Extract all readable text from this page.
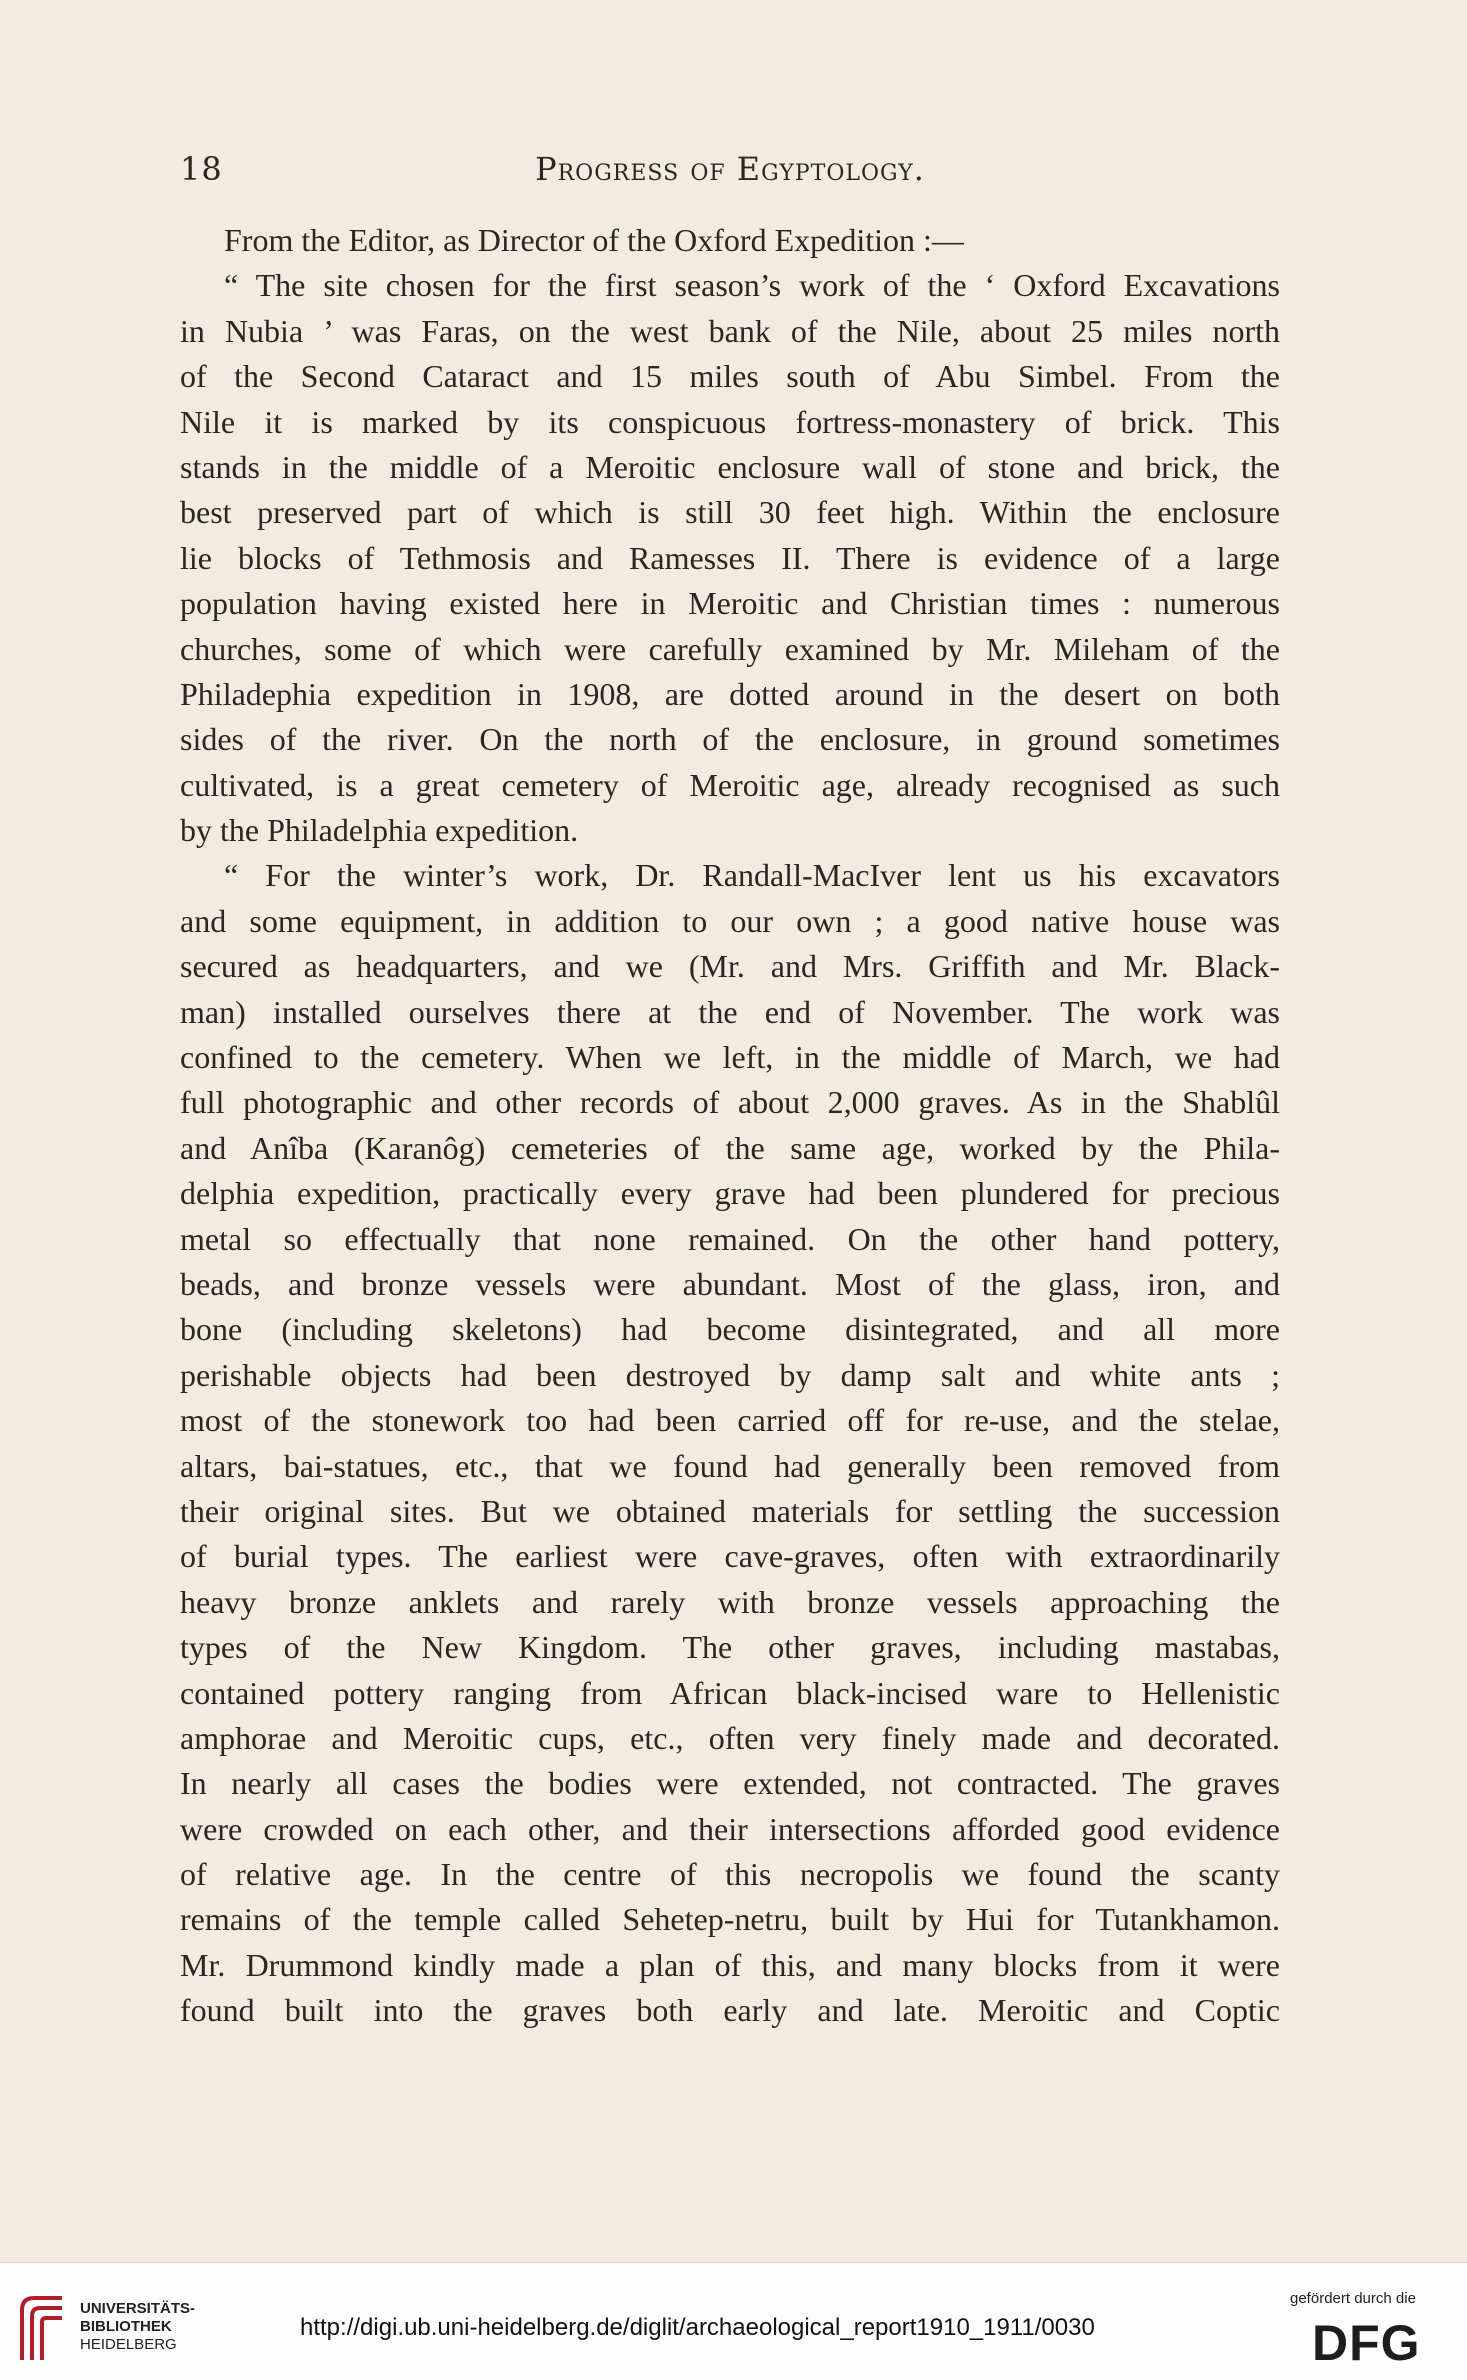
18	Progress of Egyptology.
From the Editor, as Director of the Oxford Expedition :—
“ The site chosen for the first season’s work of the ‘ Oxford Excavations
in Nubia ’ was Faras, on the west bank of the Nile, about 25 miles north
of the Second Cataract and 15 miles south of Abu Simbel. From the
Nile it is marked by its conspicuous fortress-monastery of brick. This
stands in the middle of a Meroitic enclosure wall of stone and brick, the
best preserved part of which is still 30 feet high. Within the enclosure
lie blocks of Tethmosis and Ramesses II. There is evidence of a large
population having existed here in Meroitic and Christian times : numerous
churches, some of which were carefully examined by Mr. Mileham of the
Philadephia expedition in 1908, are dotted around in the desert on both
sides of the river. On the north of the enclosure, in ground sometimes
cultivated, is a great cemetery of Meroitic age, already recognised as such
by the Philadelphia expedition.
“ For the winter’s work, Dr. Randall-MacIver lent us his excavators
and some equipment, in addition to our own ; a good native house was
secured as headquarters, and we (Mr. and Mrs. Griffith and Mr. Black-
man) installed ourselves there at the end of November. The work was
confined to the cemetery. When we left, in the middle of March, we had
full photographic and other records of about 2,000 graves. As in the Shablûl
and Anîba (Karanôg) cemeteries of the same age, worked by the Phila-
delphia expedition, practically every grave had been plundered for precious
metal so effectually that none remained. On the other hand pottery,
beads, and bronze vessels were abundant. Most of the glass, iron, and
bone (including skeletons) had become disintegrated, and all more
perishable objects had been destroyed by damp salt and white ants ;
most of the stonework too had been carried off for re-use, and the stelae,
altars, bai-statues, etc., that we found had generally been removed from
their original sites. But we obtained materials for settling the succession
of burial types. The earliest were cave-graves, often with extraordinarily
heavy bronze anklets and rarely with bronze vessels approaching the
types of the New Kingdom. The other graves, including mastabas,
contained pottery ranging from African black-incised ware to Hellenistic
amphorae and Meroitic cups, etc., often very finely made and decorated.
In nearly all cases the bodies were extended, not contracted. The graves
were crowded on each other, and their intersections afforded good evidence
of relative age. In the centre of this necropolis we found the scanty
remains of the temple called Sehetep-netru, built by Hui for Tutankhamon.
Mr. Drummond kindly made a plan of this, and many blocks from it were
found built into the graves both early and late. Meroitic and Coptic
UNIVERSITÄTS-
BIBLIOTHEK
HEIDELBERG
http://digi.ub.uni-heidelberg.de/diglit/archaeological_report1910_1911/0030
gefördert durch die
DFG
